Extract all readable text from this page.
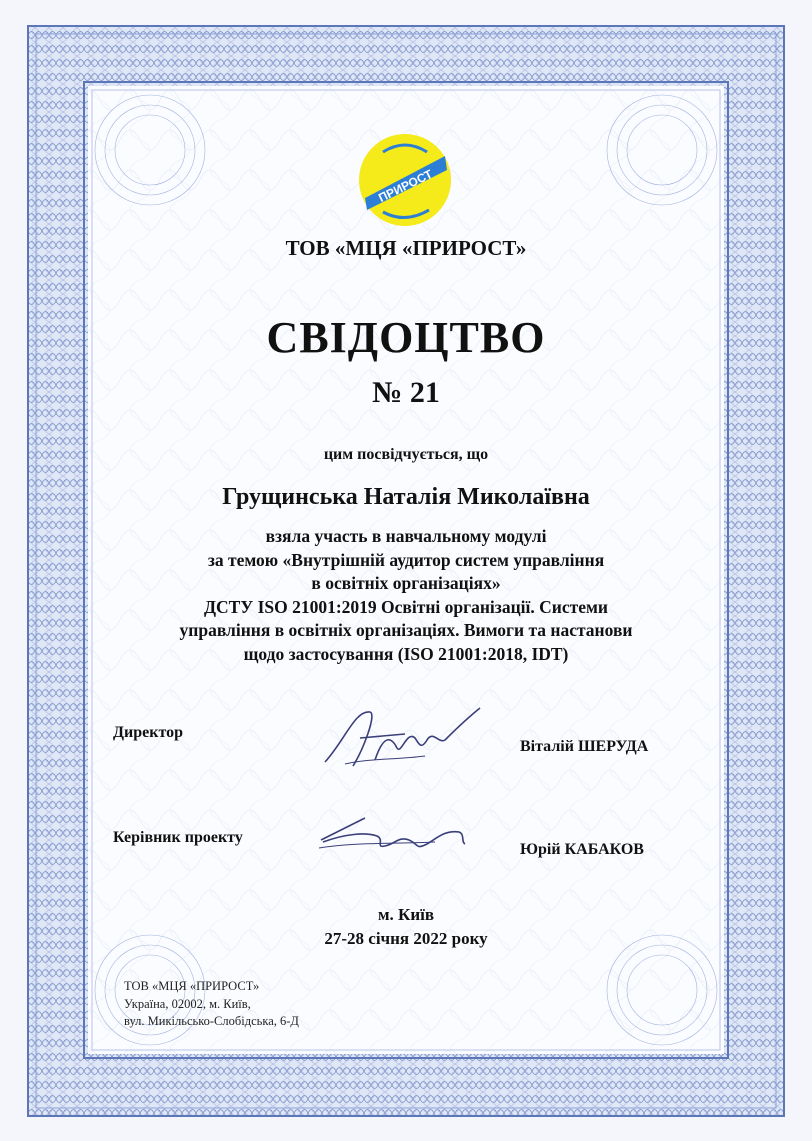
ПРИРОСТ
ТОВ «МЦЯ «ПРИРОСТ»
СВІДОЦТВО
№ 21
цим посвідчується, що
Грущинська Наталія Миколаївна
взяла участь в навчальному модулі
за темою «Внутрішній аудитор систем управління
в освітніх організаціях»
ДСТУ ISO 21001:2019 Освітні організації. Системи
управління в освітніх організаціях. Вимоги та настанови
щодо застосування (ISO 21001:2018, IDT)
Директор
Віталій ШЕРУДА
Керівник проекту
Юрій КАБАКОВ
м. Київ
27-28 січня 2022 року
ТОВ «МЦЯ «ПРИРОСТ»
Україна, 02002, м. Київ,
вул. Микільсько-Слобідська, 6-Д
